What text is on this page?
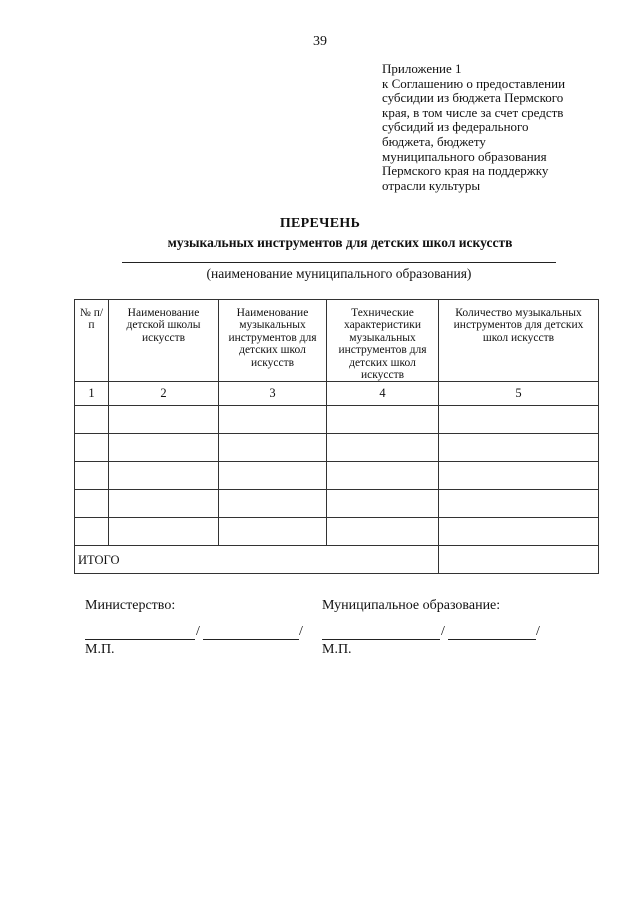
39
Приложение 1
к Соглашению о предоставлении
субсидии из бюджета Пермского
края, в том числе за счет средств
субсидий из федерального
бюджета, бюджету
муниципального образования
Пермского края на поддержку
отрасли культуры
ПЕРЕЧЕНЬ
музыкальных инструментов для детских школ искусств
(наименование муниципального образования)
№ п/п	Наименование детской школы искусств	Наименование музыкальных инструментов для детских школ искусств	Технические характеристики музыкальных инструментов для детских школ искусств	Количество музыкальных инструментов для детских школ искусств

1	2	3	4	5

ИТОГО				
Министерство:	Муниципальное образование:
/	/	/	/
М.П.	М.П.
